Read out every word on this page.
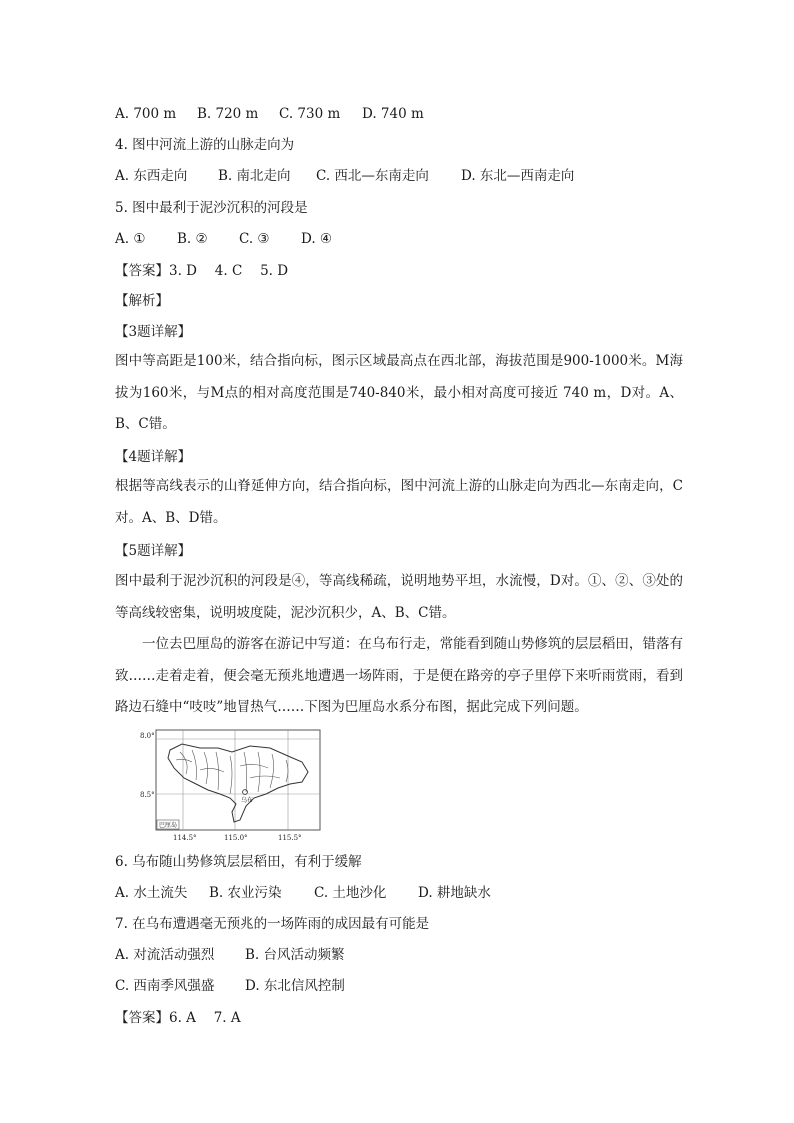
A. 700 m B. 720 m C. 730 m D. 740 m
4. 图中河流上游的山脉走向为
A. 东西走向 B. 南北走向 C. 西北—东南走向 D. 东北—西南走向
5. 图中最利于泥沙沉积的河段是
A. ① B. ② C. ③ D. ④
【答案】3. D　 4. C　 5. D
【解析】
【3题详解】
图中等高距是100米，结合指向标，图示区域最高点在西北部，海拔范围是900-1000米。M海拔为160米，与M点的相对高度范围是740-840米，最小相对高度可接近 740 m，D对。A、B、C错。
【4题详解】
根据等高线表示的山脊延伸方向，结合指向标，图中河流上游的山脉走向为西北—东南走向，C对。A、B、D错。
【5题详解】
图中最利于泥沙沉积的河段是④，等高线稀疏，说明地势平坦，水流慢，D对。①、②、③处的等高线较密集，说明坡度陡，泥沙沉积少，A、B、C错。
一位去巴厘岛的游客在游记中写道：在乌布行走，常能看到随山势修筑的层层稻田，错落有致……走着走着，便会毫无预兆地遭遇一场阵雨，于是便在路旁的亭子里停下来听雨赏雨，看到路边石缝中“吱吱”地冒热气……下图为巴厘岛水系分布图，据此完成下列问题。
乌布
8.0°
8.5°
114.5°	115.0°	115.5°
巴厘岛
6. 乌布随山势修筑层层稻田，有利于缓解
A. 水土流失 B. 农业污染 C. 土地沙化 D. 耕地缺水
7. 在乌布遭遇毫无预兆的一场阵雨的成因最有可能是
A. 对流活动强烈 B. 台风活动频繁
C. 西南季风强盛 D. 东北信风控制
【答案】6. A　 7. A
